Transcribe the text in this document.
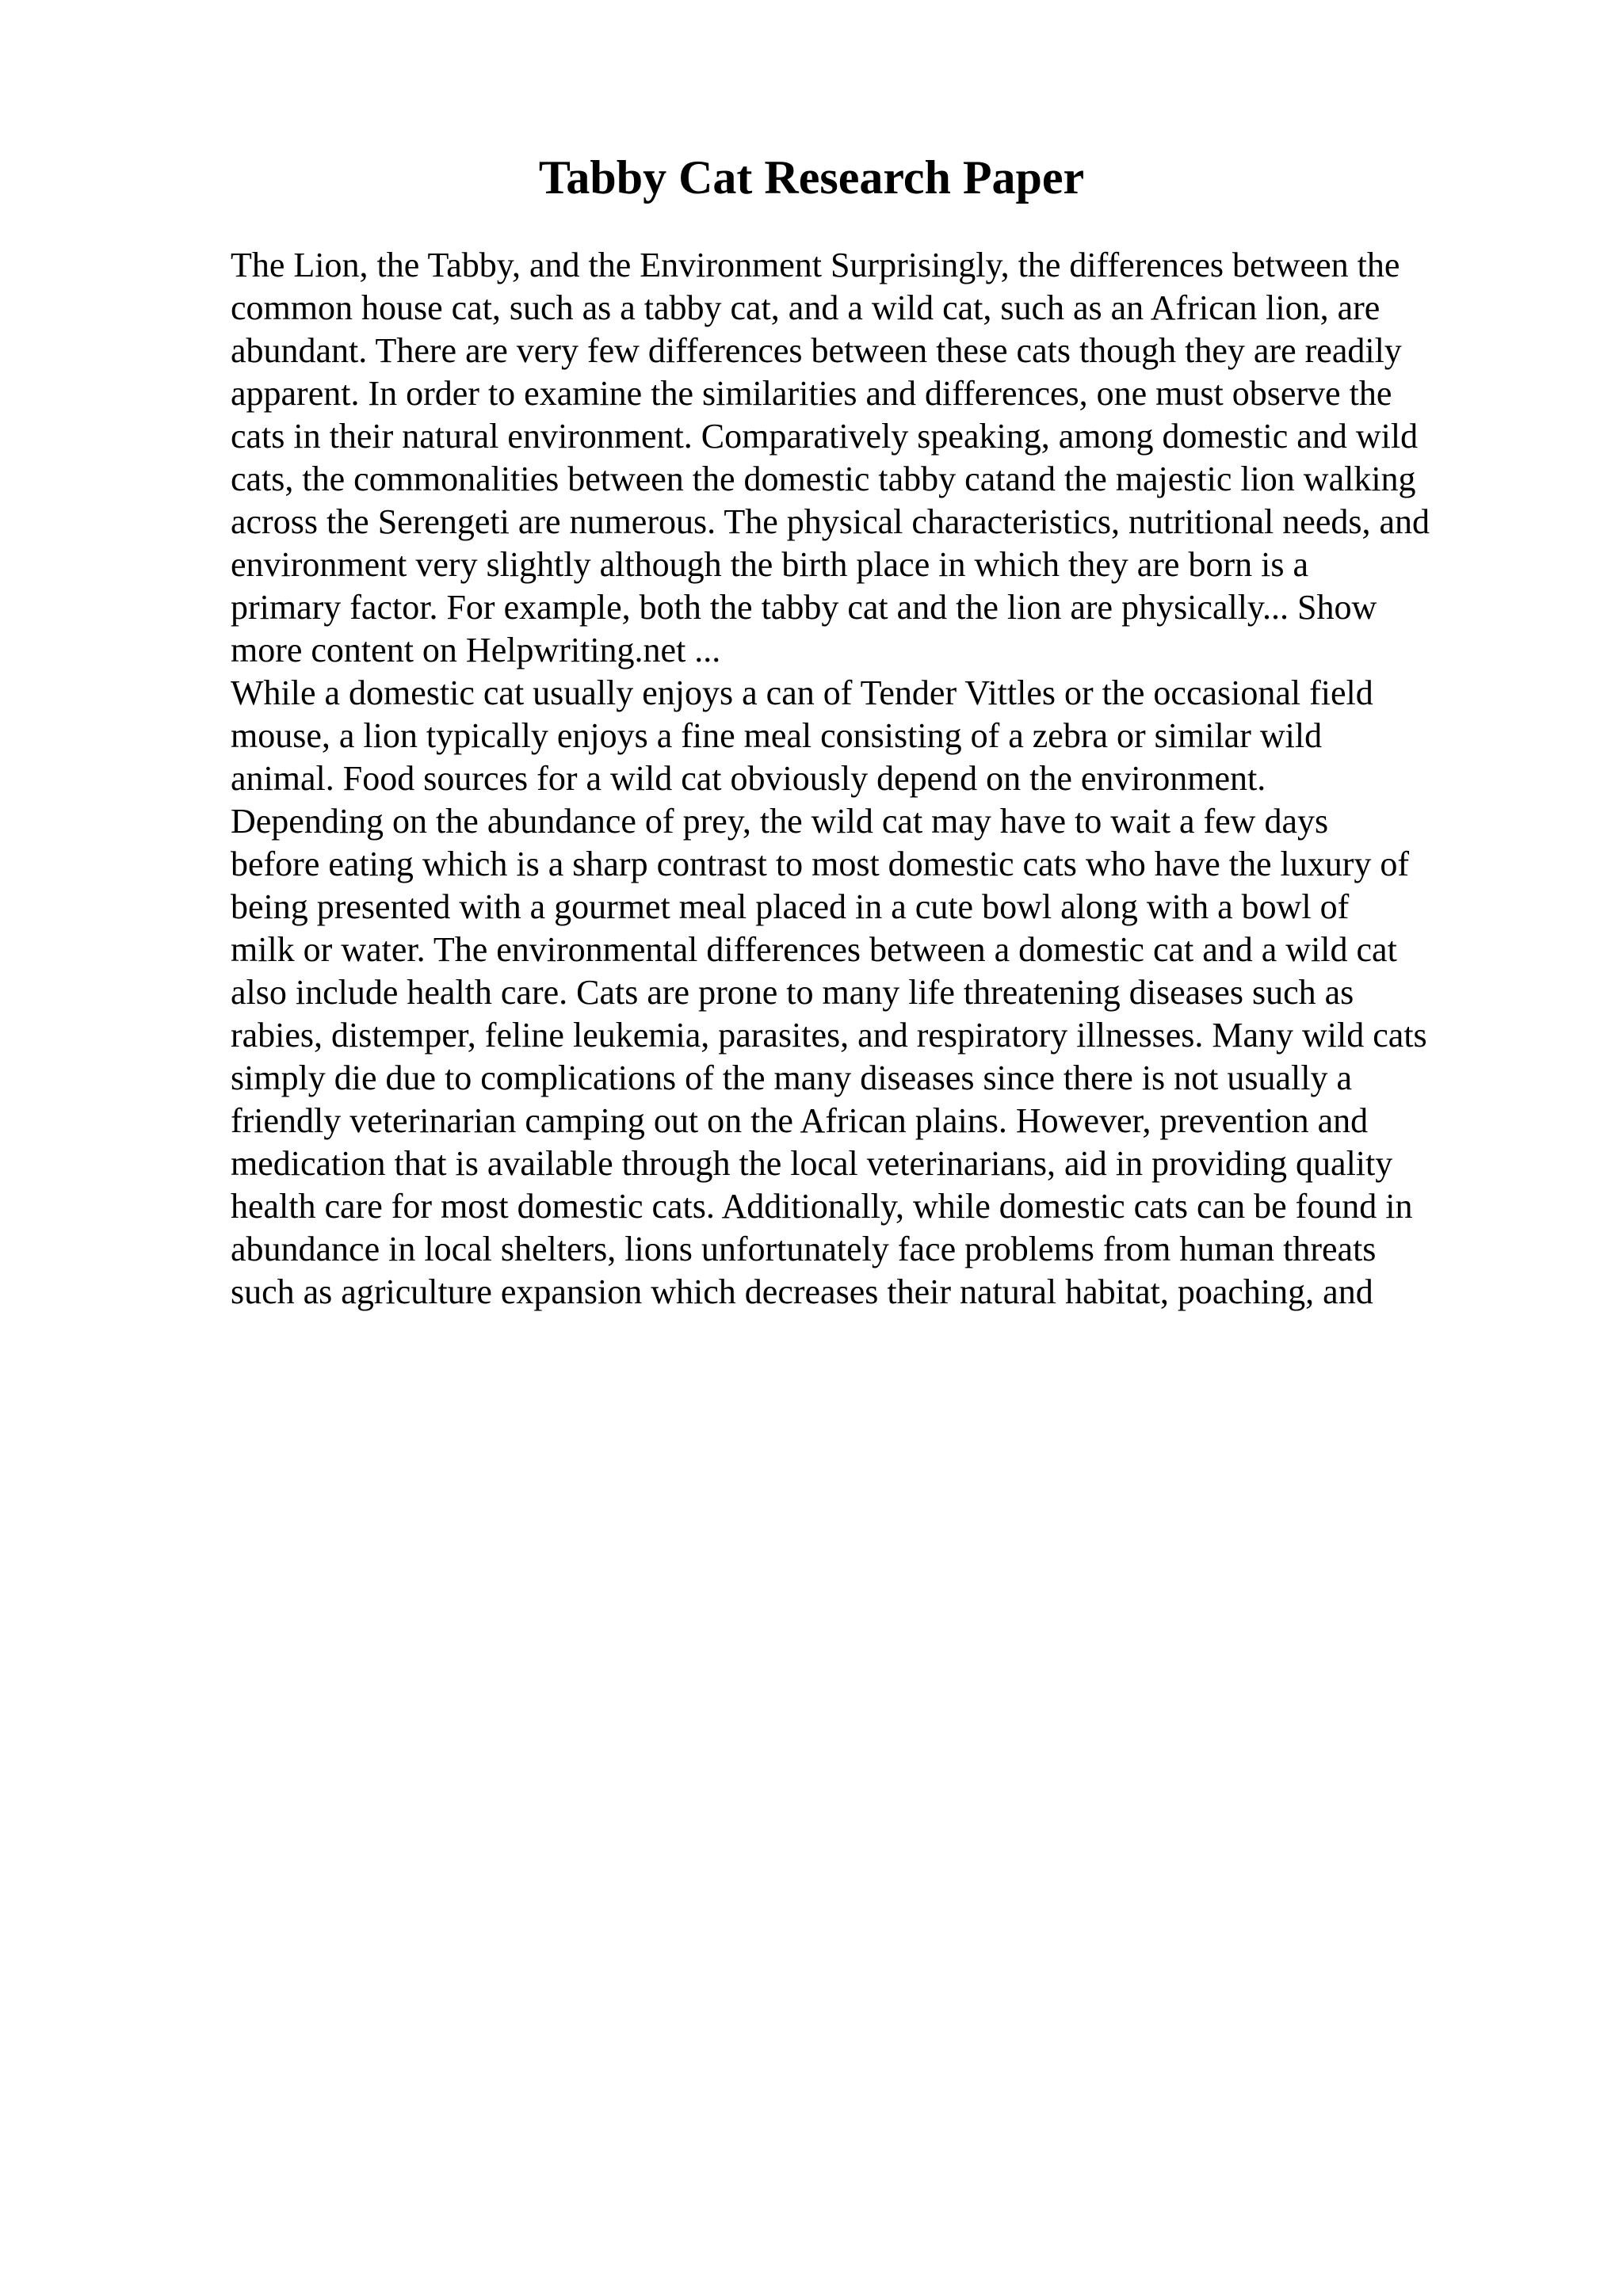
Tabby Cat Research Paper
The Lion, the Tabby, and the Environment Surprisingly, the differences between the
common house cat, such as a tabby cat, and a wild cat, such as an African lion, are
abundant. There are very few differences between these cats though they are readily
apparent. In order to examine the similarities and differences, one must observe the
cats in their natural environment. Comparatively speaking, among domestic and wild
cats, the commonalities between the domestic tabby catand the majestic lion walking
across the Serengeti are numerous. The physical characteristics, nutritional needs, and
environment very slightly although the birth place in which they are born is a
primary factor. For example, both the tabby cat and the lion are physically... Show
more content on Helpwriting.net ...
While a domestic cat usually enjoys a can of Tender Vittles or the occasional field
mouse, a lion typically enjoys a fine meal consisting of a zebra or similar wild
animal. Food sources for a wild cat obviously depend on the environment.
Depending on the abundance of prey, the wild cat may have to wait a few days
before eating which is a sharp contrast to most domestic cats who have the luxury of
being presented with a gourmet meal placed in a cute bowl along with a bowl of
milk or water. The environmental differences between a domestic cat and a wild cat
also include health care. Cats are prone to many life threatening diseases such as
rabies, distemper, feline leukemia, parasites, and respiratory illnesses. Many wild cats
simply die due to complications of the many diseases since there is not usually a
friendly veterinarian camping out on the African plains. However, prevention and
medication that is available through the local veterinarians, aid in providing quality
health care for most domestic cats. Additionally, while domestic cats can be found in
abundance in local shelters, lions unfortunately face problems from human threats
such as agriculture expansion which decreases their natural habitat, poaching, and
